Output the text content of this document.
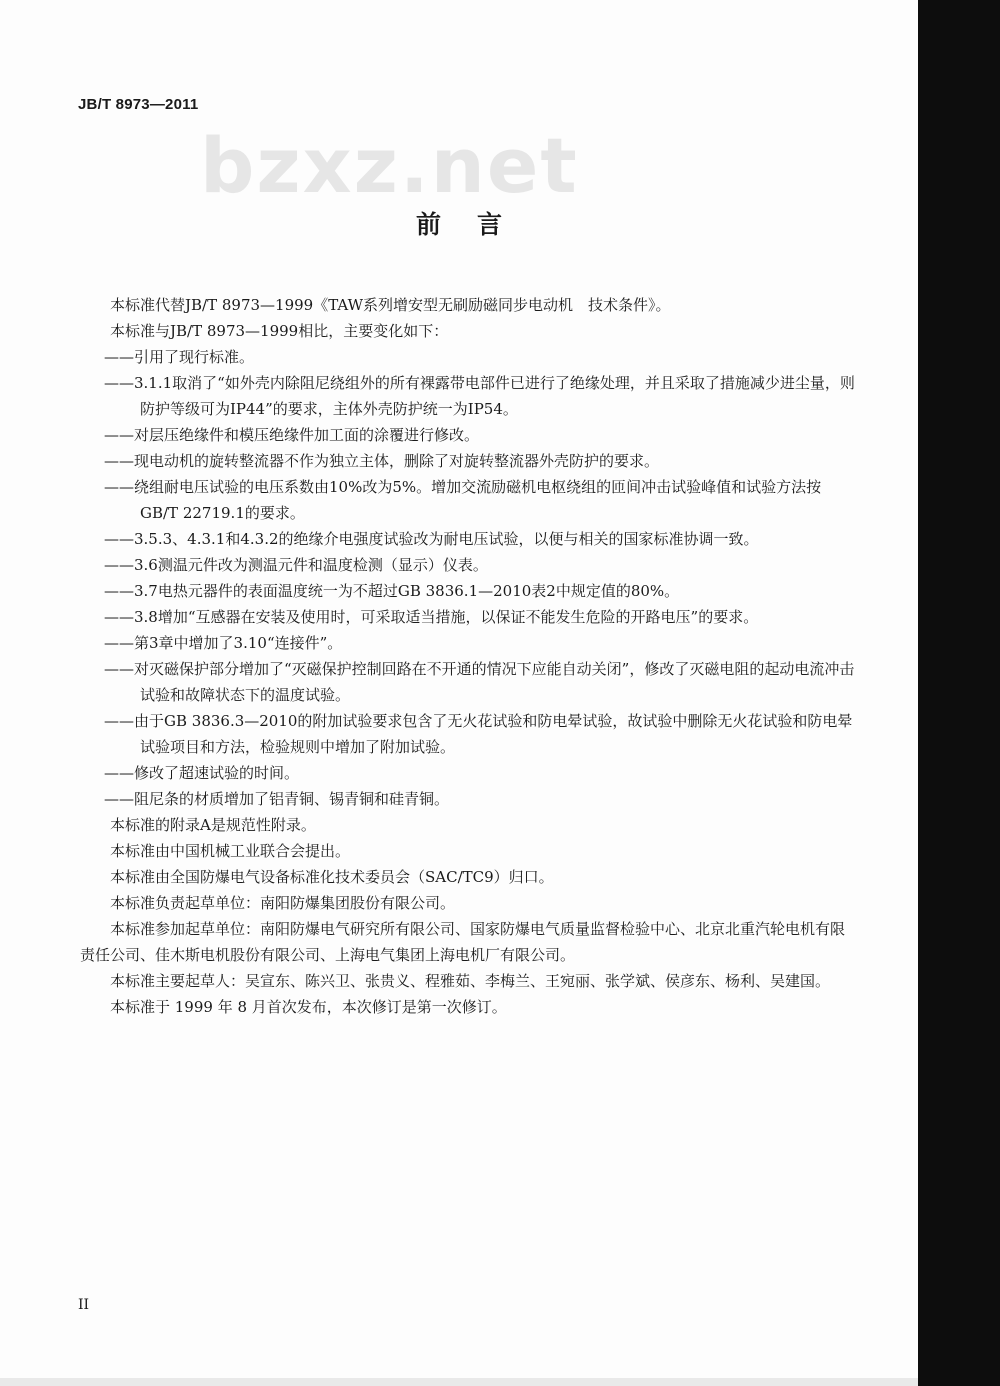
JB/T 8973—2011
bzxz.net
前言

本标准代替JB/T 8973—1999《TAW系列增安型无刷励磁同步电动机　技术条件》。

本标准与JB/T 8973—1999相比，主要变化如下：

——引用了现行标准。

——3.1.1取消了“如外壳内除阻尼绕组外的所有裸露带电部件已进行了绝缘处理，并且采取了措施减少进尘量，则防护等级可为IP44”的要求，主体外壳防护统一为IP54。

——对层压绝缘件和模压绝缘件加工面的涂覆进行修改。

——现电动机的旋转整流器不作为独立主体，删除了对旋转整流器外壳防护的要求。

——绕组耐电压试验的电压系数由10%改为5%。增加交流励磁机电枢绕组的匝间冲击试验峰值和试验方法按GB/T 22719.1的要求。

——3.5.3、4.3.1和4.3.2的绝缘介电强度试验改为耐电压试验，以便与相关的国家标准协调一致。

——3.6测温元件改为测温元件和温度检测（显示）仪表。

——3.7电热元器件的表面温度统一为不超过GB 3836.1—2010表2中规定值的80%。

——3.8增加“互感器在安装及使用时，可采取适当措施，以保证不能发生危险的开路电压”的要求。

——第3章中增加了3.10“连接件”。

——对灭磁保护部分增加了“灭磁保护控制回路在不开通的情况下应能自动关闭”，修改了灭磁电阻的起动电流冲击试验和故障状态下的温度试验。

——由于GB 3836.3—2010的附加试验要求包含了无火花试验和防电晕试验，故试验中删除无火花试验和防电晕试验项目和方法，检验规则中增加了附加试验。

——修改了超速试验的时间。

——阻尼条的材质增加了铝青铜、锡青铜和硅青铜。

本标准的附录A是规范性附录。

本标准由中国机械工业联合会提出。

本标准由全国防爆电气设备标准化技术委员会（SAC/TC9）归口。

本标准负责起草单位：南阳防爆集团股份有限公司。

本标准参加起草单位：南阳防爆电气研究所有限公司、国家防爆电气质量监督检验中心、北京北重汽轮电机有限责任公司、佳木斯电机股份有限公司、上海电气集团上海电机厂有限公司。

本标准主要起草人：吴宣东、陈兴卫、张贵义、程雅茹、李梅兰、王宛丽、张学斌、侯彦东、杨利、吴建国。

本标准于 1999 年 8 月首次发布，本次修订是第一次修订。

II
